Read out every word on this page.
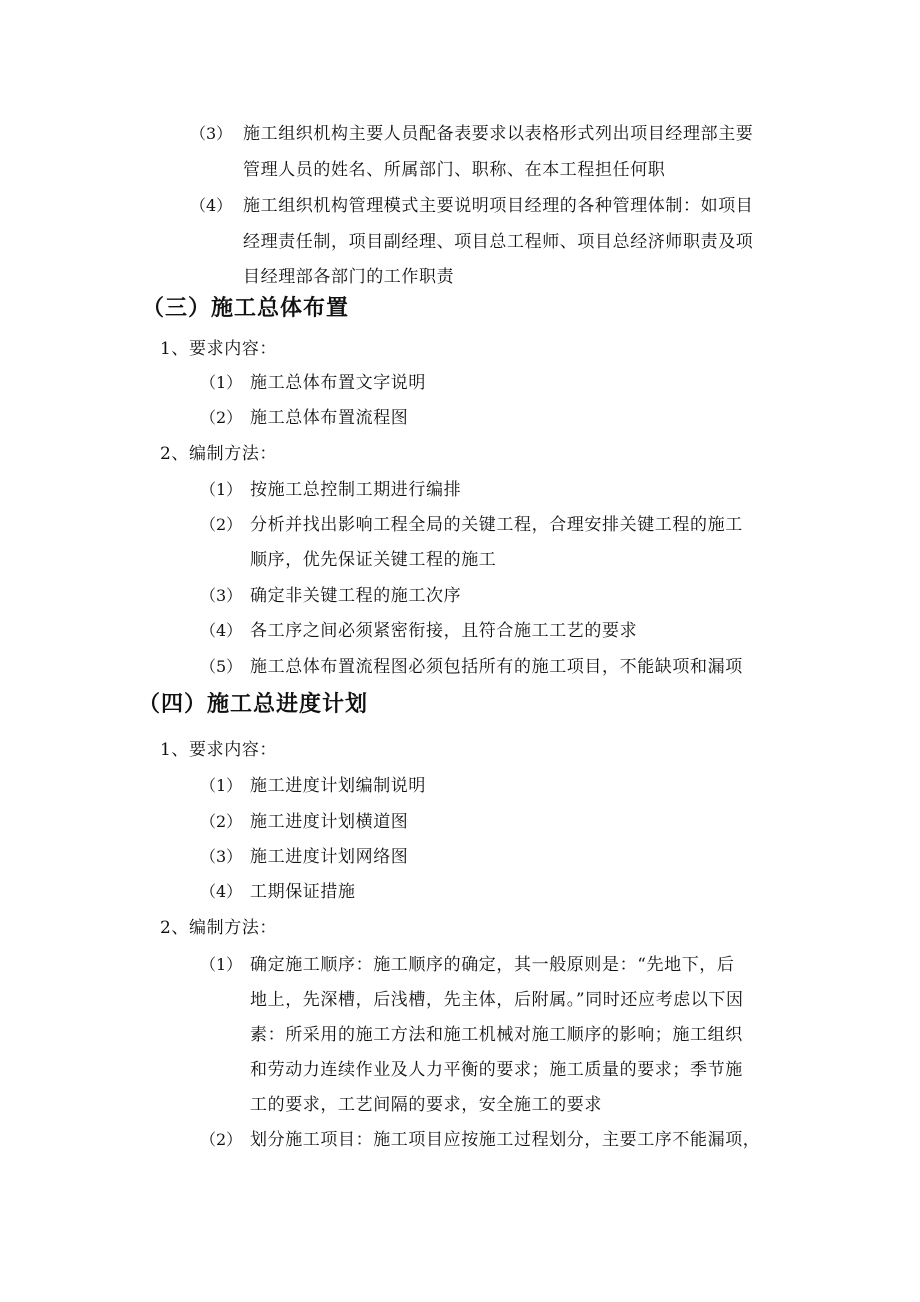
（3） 施工组织机构主要人员配备表要求以表格形式列出项目经理部主要
管理人员的姓名、所属部门、职称、在本工程担任何职
（4） 施工组织机构管理模式主要说明项目经理的各种管理体制：如项目
经理责任制，项目副经理、项目总工程师、项目总经济师职责及项
目经理部各部门的工作职责
（三）施工总体布置
1、要求内容：
（1） 施工总体布置文字说明
（2） 施工总体布置流程图
2、编制方法：
（1） 按施工总控制工期进行编排
（2） 分析并找出影响工程全局的关键工程，合理安排关键工程的施工
顺序，优先保证关键工程的施工
（3） 确定非关键工程的施工次序
（4） 各工序之间必须紧密衔接，且符合施工工艺的要求
（5） 施工总体布置流程图必须包括所有的施工项目，不能缺项和漏项
（四）施工总进度计划
1、要求内容：
（1） 施工进度计划编制说明
（2） 施工进度计划横道图
（3） 施工进度计划网络图
（4） 工期保证措施
2、编制方法：
（1） 确定施工顺序：施工顺序的确定，其一般原则是：“先地下，后
地上，先深槽，后浅槽，先主体，后附属。”同时还应考虑以下因
素：所采用的施工方法和施工机械对施工顺序的影响；施工组织
和劳动力连续作业及人力平衡的要求；施工质量的要求；季节施
工的要求，工艺间隔的要求，安全施工的要求
（2） 划分施工项目：施工项目应按施工过程划分，主要工序不能漏项，
